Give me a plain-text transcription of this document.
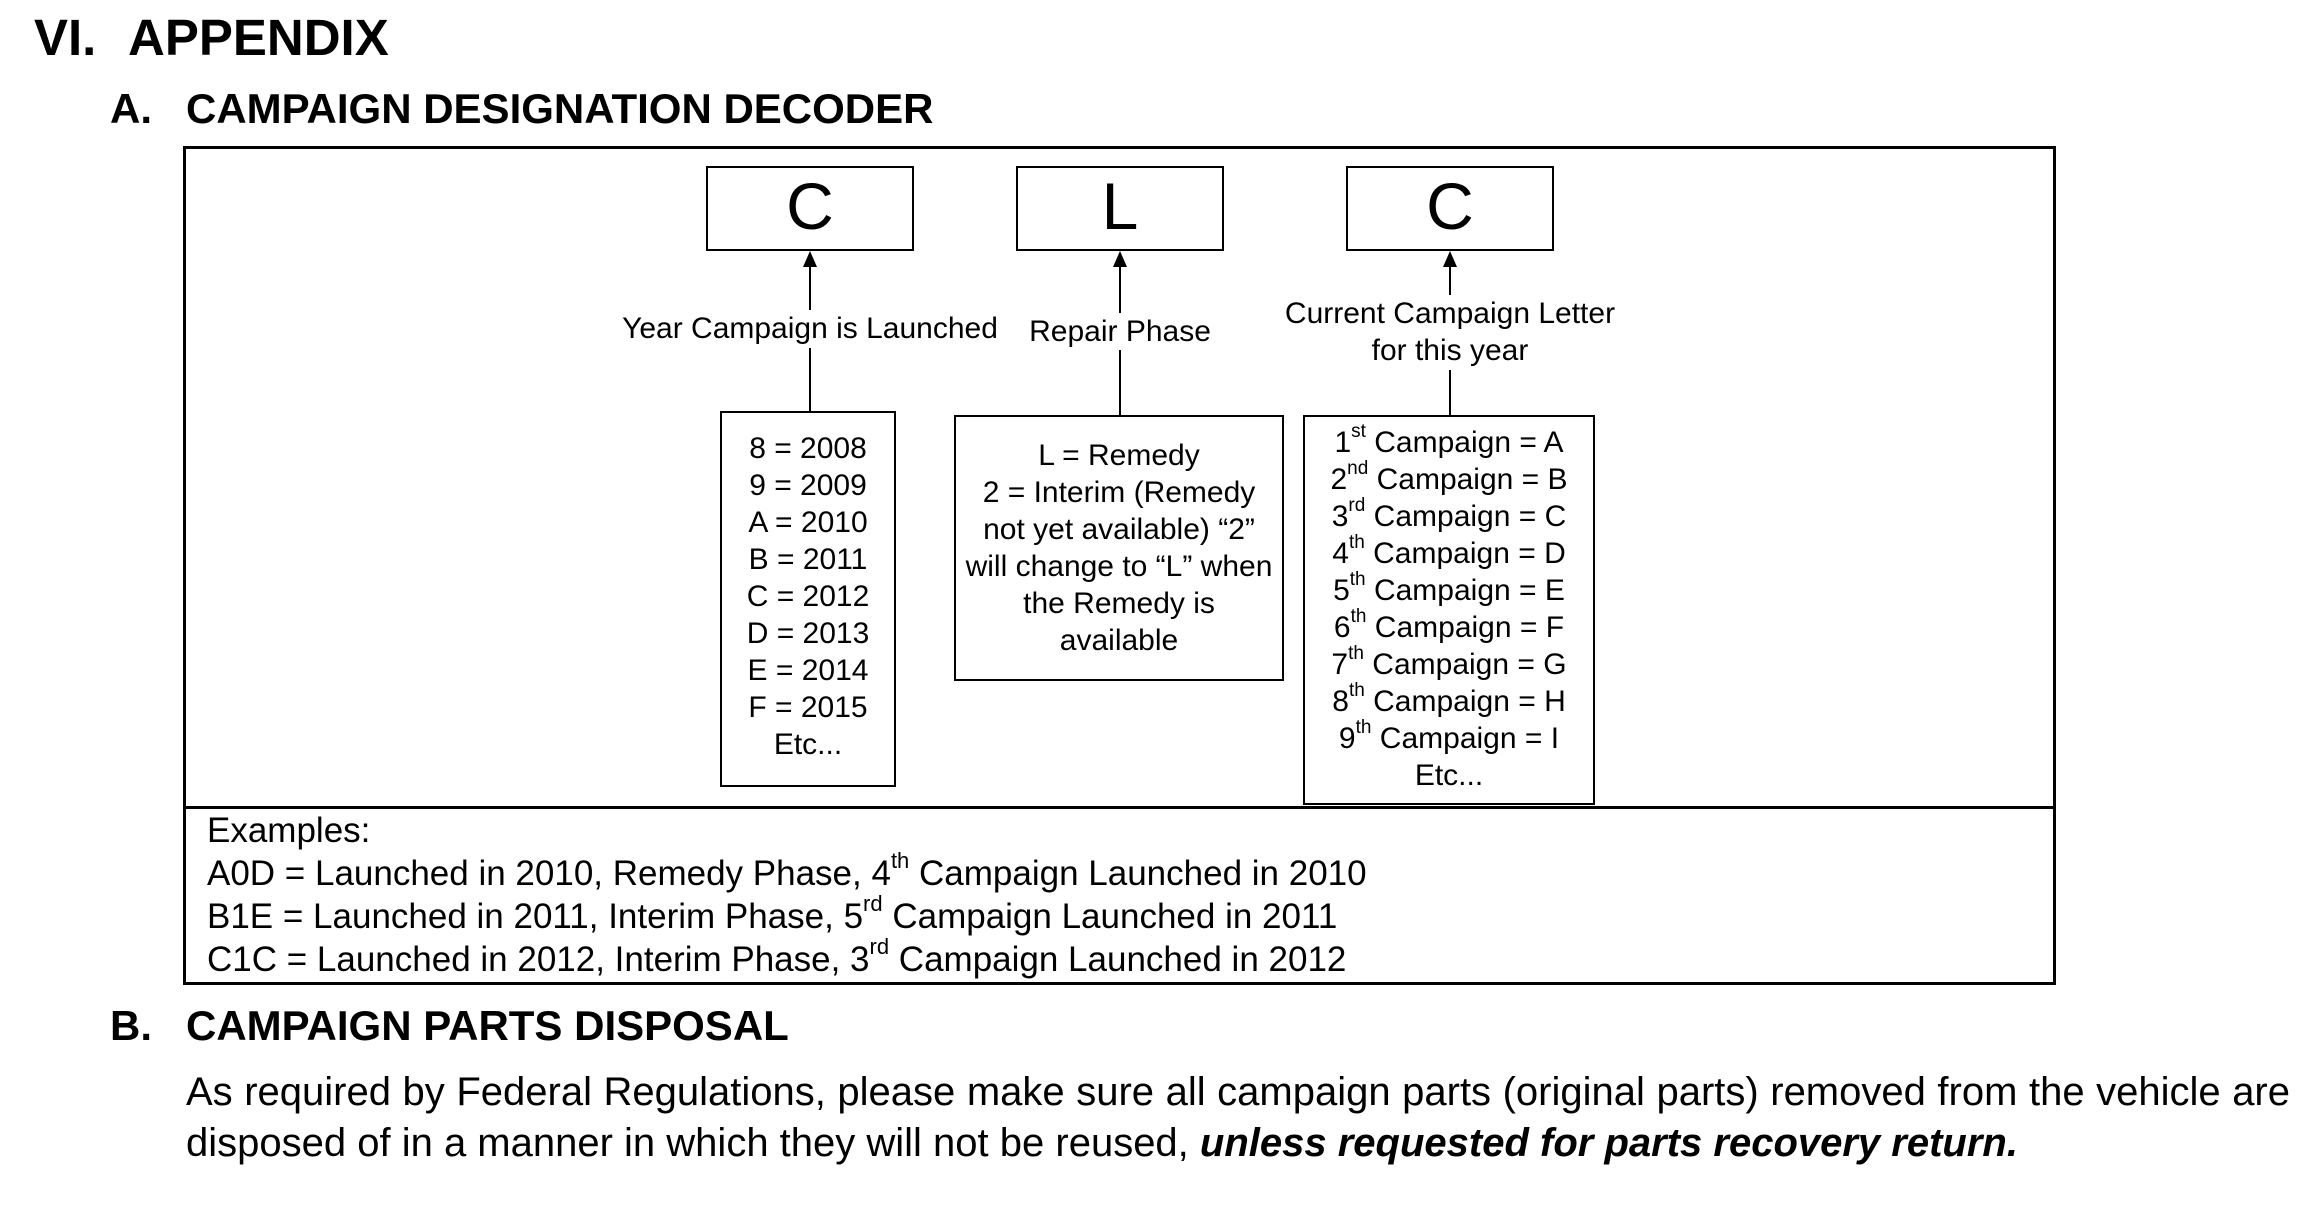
VI. APPENDIX
A. CAMPAIGN DESIGNATION DECODER
C	L	C
Year Campaign is Launched	Repair Phase
Current Campaign Letter
for this year
8 = 2008
9 = 2009
A = 2010
B = 2011
C = 2012
D = 2013
E = 2014
F = 2015
Etc...
L = Remedy
2 = Interim (Remedy
not yet available) “2”
will change to “L” when
the Remedy is
available
1st Campaign = A
2nd Campaign = B
3rd Campaign = C
4th Campaign = D
5th Campaign = E
6th Campaign = F
7th Campaign = G
8th Campaign = H
9th Campaign = I
Etc...
Examples:
A0D = Launched in 2010, Remedy Phase, 4th Campaign Launched in 2010
B1E = Launched in 2011, Interim Phase, 5rd Campaign Launched in 2011
C1C = Launched in 2012, Interim Phase, 3rd Campaign Launched in 2012
B. CAMPAIGN PARTS DISPOSAL
As required by Federal Regulations, please make sure all campaign parts (original parts) removed from the vehicle are disposed of in a manner in which they will not be reused, unless requested for parts recovery return.
